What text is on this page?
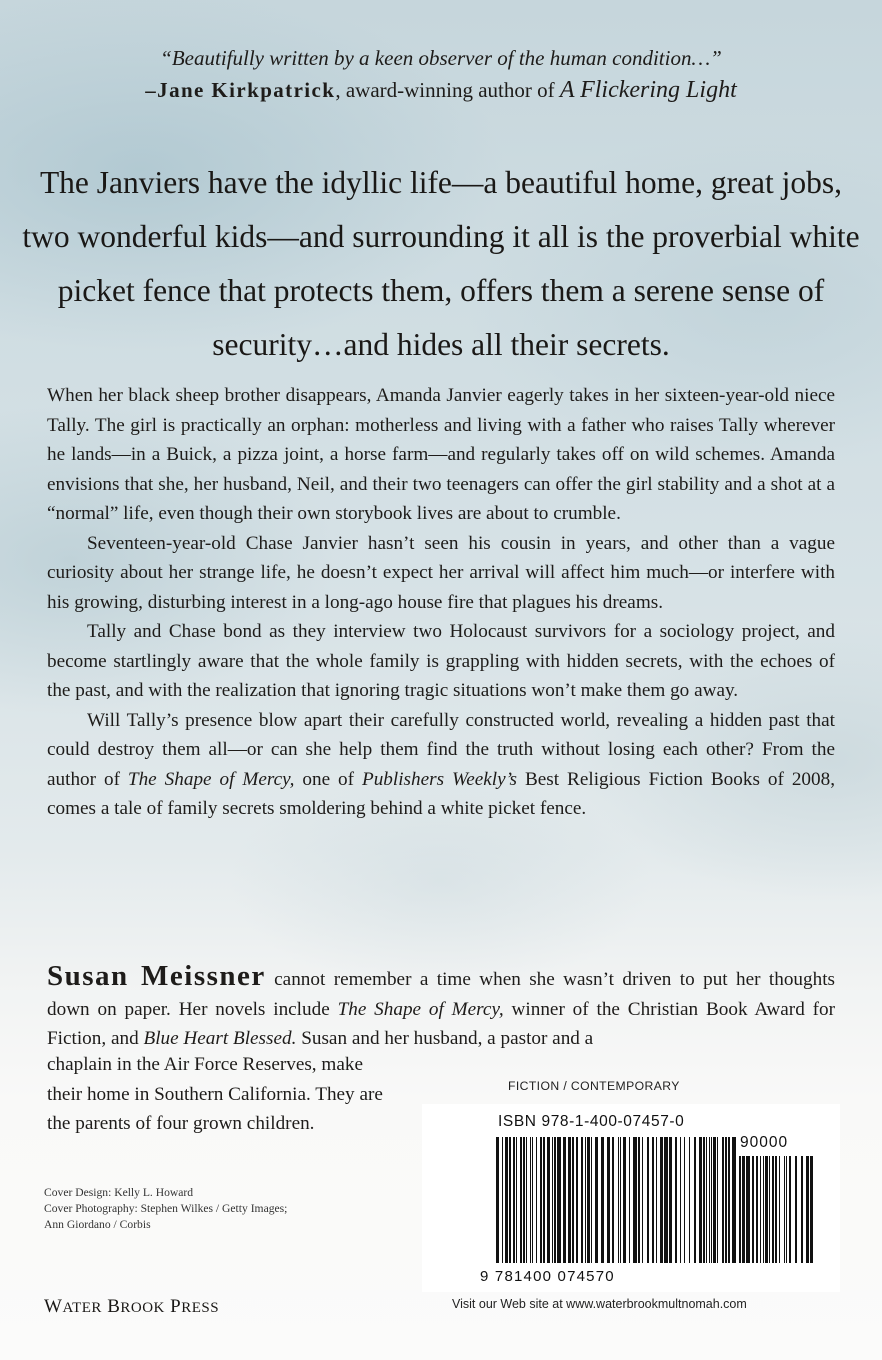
“Beautifully written by a keen observer of the human condition…”
–Jane Kirkpatrick, award-winning author of A Flickering Light
The Janviers have the idyllic life—a beautiful home, great jobs, two wonderful kids—and surrounding it all is the proverbial white picket fence that protects them, offers them a serene sense of security…and hides all their secrets.

When her black sheep brother disappears, Amanda Janvier eagerly takes in her sixteen-year-old niece Tally. The girl is practically an orphan: motherless and living with a father who raises Tally wherever he lands—in a Buick, a pizza joint, a horse farm—and regularly takes off on wild schemes. Amanda envisions that she, her husband, Neil, and their two teenagers can offer the girl stability and a shot at a “normal” life, even though their own storybook lives are about to crumble.

Seventeen-year-old Chase Janvier hasn’t seen his cousin in years, and other than a vague curiosity about her strange life, he doesn’t expect her arrival will affect him much—or interfere with his growing, disturbing interest in a long-ago house fire that plagues his dreams.

Tally and Chase bond as they interview two Holocaust survivors for a sociology project, and become startlingly aware that the whole family is grappling with hidden secrets, with the echoes of the past, and with the realization that ignoring tragic situations won’t make them go away.

Will Tally’s presence blow apart their carefully constructed world, revealing a hidden past that could destroy them all—or can she help them find the truth without losing each other? From the author of The Shape of Mercy, one of Publishers Weekly’s Best Religious Fiction Books of 2008, comes a tale of family secrets smoldering behind a white picket fence.

Susan Meissner cannot remember a time when she wasn’t driven to put her thoughts down on paper. Her novels include The Shape of Mercy, winner of the Christian Book Award for Fiction, and Blue Heart Blessed. Susan and her husband, a pastor and a
chaplain in the Air Force Reserves, make their home in Southern California. They are the parents of four grown children.
Cover Design: Kelly L. Howard
Cover Photography: Stephen Wilkes / Getty Images;
Ann Giordano / Corbis
WATER BROOK PRESS
FICTION / CONTEMPORARY
ISBN 978-1-400-07457-0
90000
9 781400 074570
Visit our Web site at www.waterbrookmultnomah.com
